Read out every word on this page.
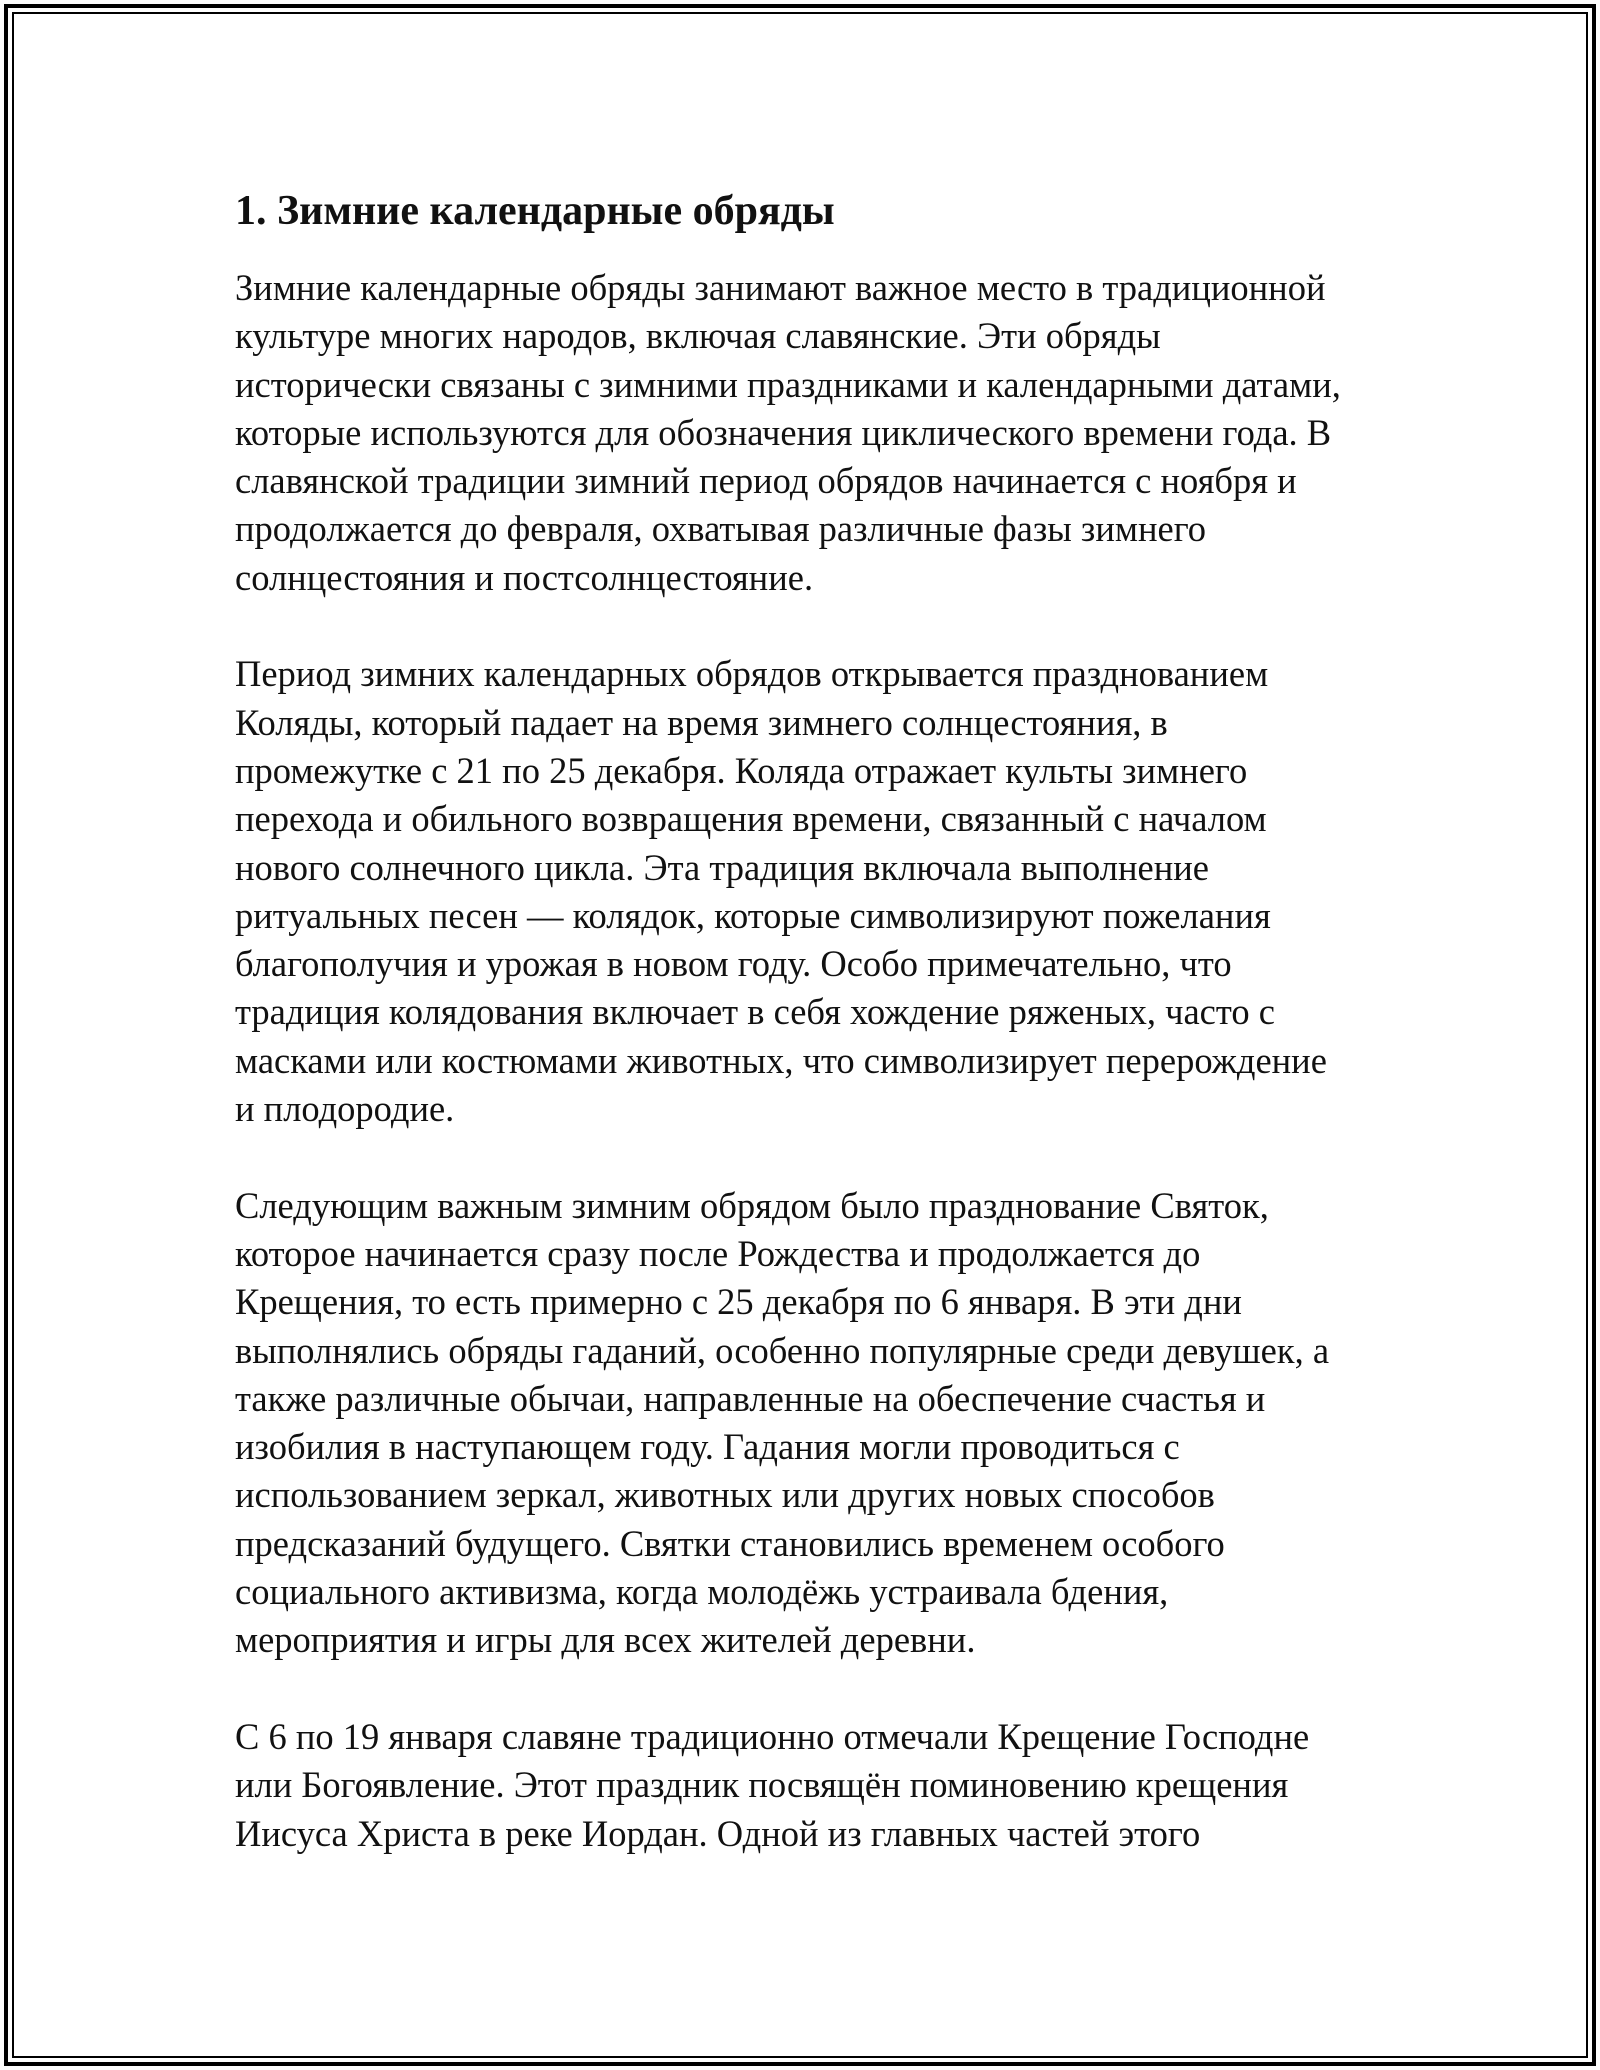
1. Зимние календарные обряды
Зимние календарные обряды занимают важное место в традиционной
культуре многих народов, включая славянские. Эти обряды
исторически связаны с зимними праздниками и календарными датами,
которые используются для обозначения циклического времени года. В
славянской традиции зимний период обрядов начинается с ноября и
продолжается до февраля, охватывая различные фазы зимнего
солнцестояния и постсолнцестояние.
Период зимних календарных обрядов открывается празднованием
Коляды, который падает на время зимнего солнцестояния, в
промежутке с 21 по 25 декабря. Коляда отражает культы зимнего
перехода и обильного возвращения времени, связанный с началом
нового солнечного цикла. Эта традиция включала выполнение
ритуальных песен — колядок, которые символизируют пожелания
благополучия и урожая в новом году. Особо примечательно, что
традиция колядования включает в себя хождение ряженых, часто с
масками или костюмами животных, что символизирует перерождение
и плодородие.
Следующим важным зимним обрядом было празднование Святок,
которое начинается сразу после Рождества и продолжается до
Крещения, то есть примерно с 25 декабря по 6 января. В эти дни
выполнялись обряды гаданий, особенно популярные среди девушек, а
также различные обычаи, направленные на обеспечение счастья и
изобилия в наступающем году. Гадания могли проводиться с
использованием зеркал, животных или других новых способов
предсказаний будущего. Святки становились временем особого
социального активизма, когда молодёжь устраивала бдения,
мероприятия и игры для всех жителей деревни.
С 6 по 19 января славяне традиционно отмечали Крещение Господне
или Богоявление. Этот праздник посвящён поминовению крещения
Иисуса Христа в реке Иордан. Одной из главных частей этого
